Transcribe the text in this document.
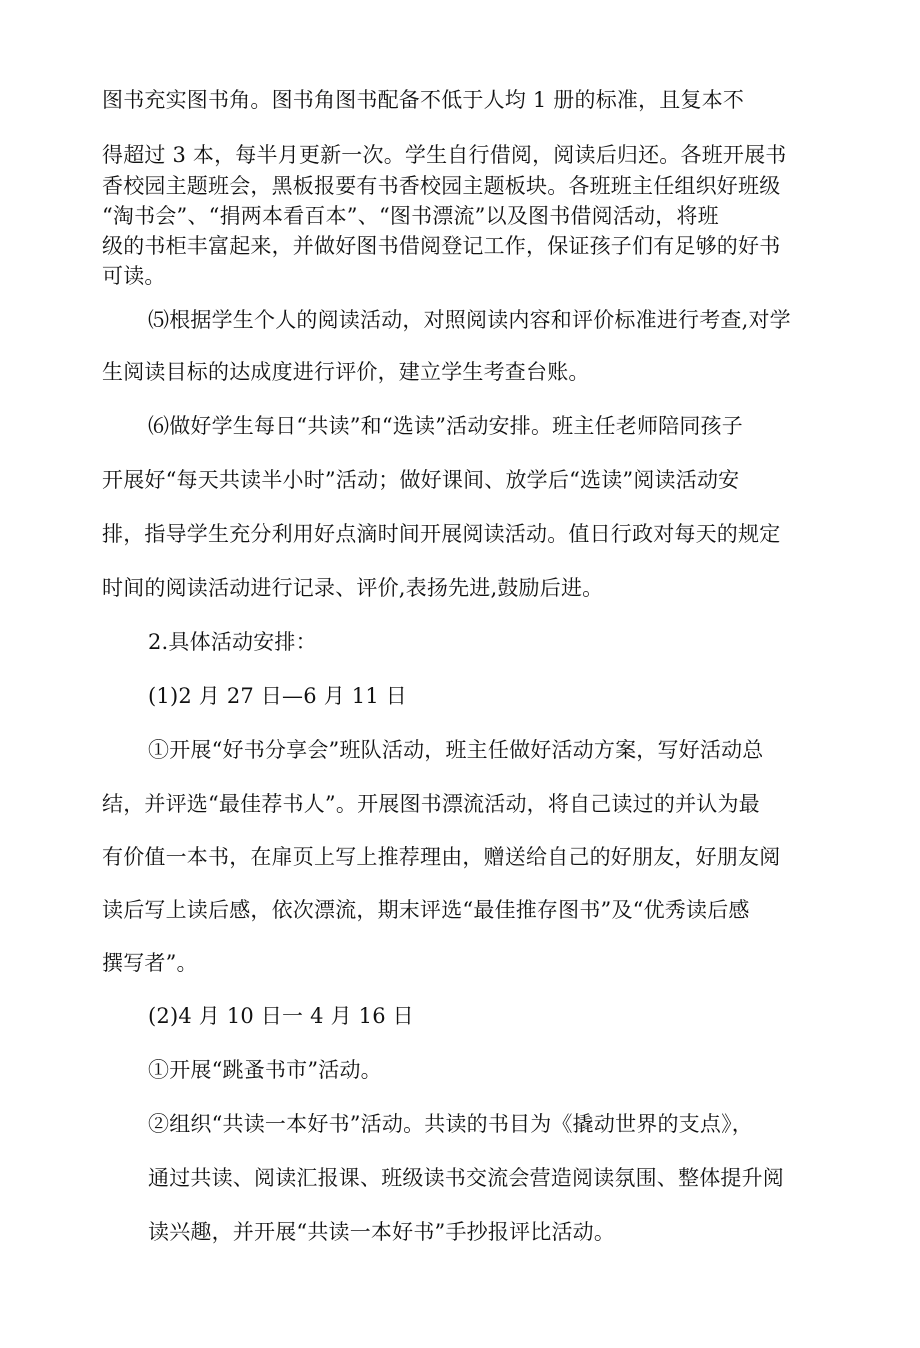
图书充实图书角。图书角图书配备不低于人均 1 册的标准，且复本不
得超过 3 本，每半月更新一次。学生自行借阅，阅读后归还。各班开展书
香校园主题班会，黑板报要有书香校园主题板块。各班班主任组织好班级
“淘书会”、“捐两本看百本”、“图书漂流”以及图书借阅活动，将班
级的书柜丰富起来，并做好图书借阅登记工作，保证孩子们有足够的好书
可读。
⑸根据学生个人的阅读活动，对照阅读内容和评价标准进行考查,对学
生阅读目标的达成度进行评价，建立学生考查台账。
⑹做好学生每日“共读”和“选读”活动安排。班主任老师陪同孩子
开展好“每天共读半小时”活动；做好课间、放学后“选读”阅读活动安
排，指导学生充分利用好点滴时间开展阅读活动。值日行政对每天的规定
时间的阅读活动进行记录、评价,表扬先进,鼓励后进。
2.具体活动安排：
(1)2 月 27 日—6 月 11 日
①开展“好书分享会”班队活动，班主任做好活动方案，写好活动总
结，并评选“最佳荐书人”。开展图书漂流活动，将自己读过的并认为最
有价值一本书，在扉页上写上推荐理由，赠送给自己的好朋友，好朋友阅
读后写上读后感，依次漂流，期末评选“最佳推存图书”及“优秀读后感
撰写者”。
(2)4 月 10 日一 4 月 16 日
①开展“跳蚤书市”活动。
②组织“共读一本好书”活动。共读的书目为《撬动世界的支点》，
通过共读、阅读汇报课、班级读书交流会营造阅读氛围、整体提升阅
读兴趣，并开展“共读一本好书”手抄报评比活动。
